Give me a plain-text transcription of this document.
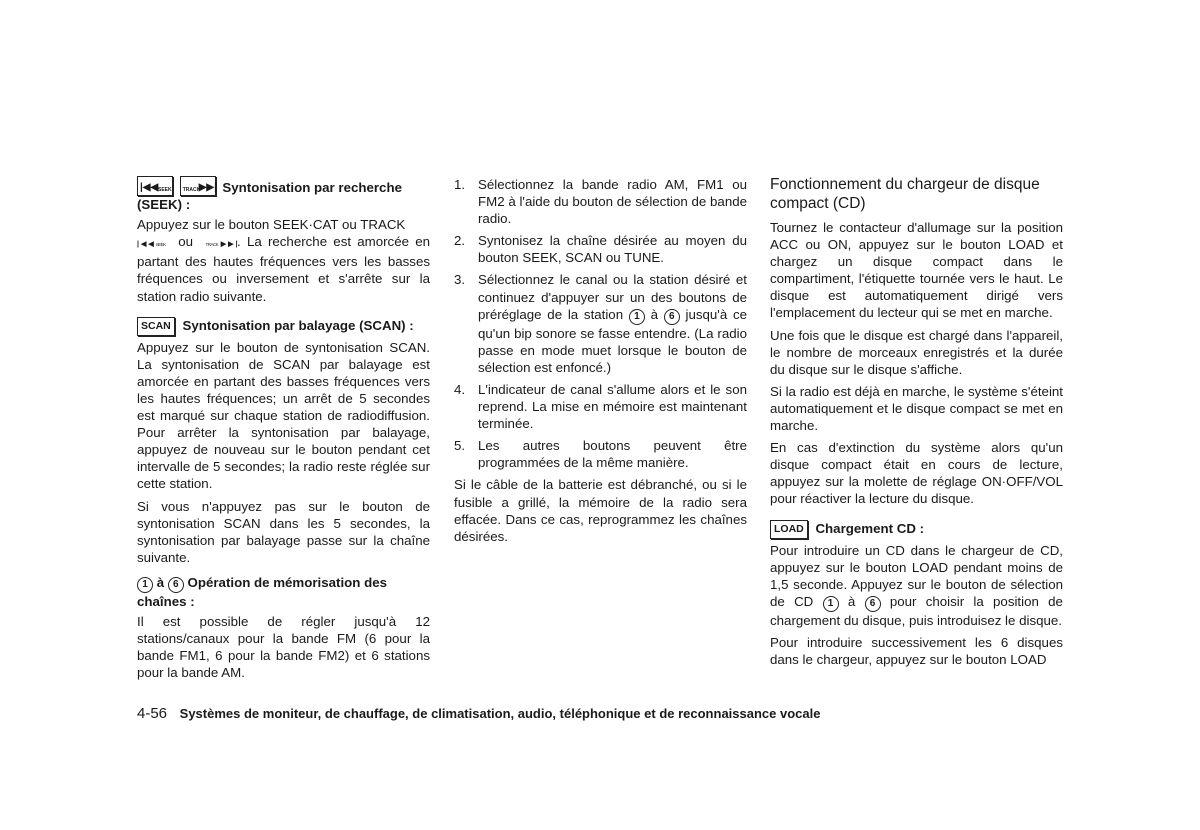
|◀◀ SEEK
TRACK
▶▶| Syntonisation par recherche (SEEK) :

Appuyez sur le bouton SEEK·CAT ou TRACK
|◀◀SEEK ou	TRACK▶▶|. La recherche est amorcée en partant des hautes fréquences vers les basses fréquences ou inversement et s'arrête sur la station radio suivante.

SCAN Syntonisation par balayage (SCAN) :

Appuyez sur le bouton de syntonisation SCAN. La syntonisation de SCAN par balayage est amorcée en partant des basses fréquences vers les hautes fréquences; un arrêt de 5 secondes est marqué sur chaque station de radiodiffusion. Pour arrêter la syntonisation par balayage, appuyez de nouveau sur le bouton pendant cet intervalle de 5 secondes; la radio reste réglée sur cette station.

Si vous n'appuyez pas sur le bouton de syntonisation SCAN dans les 5 secondes, la syntonisation par balayage passe sur la chaîne suivante.

1 à 6 Opération de mémorisation des chaînes :

Il est possible de régler jusqu'à 12 stations/canaux pour la bande FM (6 pour la bande FM1, 6 pour la bande FM2) et 6 stations pour la bande AM.

1. Sélectionnez la bande radio AM, FM1 ou FM2 à l'aide du bouton de sélection de bande radio.
2. Syntonisez la chaîne désirée au moyen du bouton SEEK, SCAN ou TUNE.
3. Sélectionnez le canal ou la station désiré et continuez d'appuyer sur un des boutons de préréglage de la station 1 à 6 jusqu'à ce qu'un bip sonore se fasse entendre. (La radio passe en mode muet lorsque le bouton de sélection est enfoncé.)
4. L'indicateur de canal s'allume alors et le son reprend. La mise en mémoire est maintenant terminée.
5. Les autres boutons peuvent être programmées de la même manière.

Si le câble de la batterie est débranché, ou si le fusible a grillé, la mémoire de la radio sera effacée. Dans ce cas, reprogrammez les chaînes désirées.

Fonctionnement du chargeur de disque compact (CD)

Tournez le contacteur d'allumage sur la position ACC ou ON, appuyez sur le bouton LOAD et chargez un disque compact dans le compartiment, l'étiquette tournée vers le haut. Le disque est automatiquement dirigé vers l'emplacement du lecteur qui se met en marche.

Une fois que le disque est chargé dans l'appareil, le nombre de morceaux enregistrés et la durée du disque sur le disque s'affiche.

Si la radio est déjà en marche, le système s'éteint automatiquement et le disque compact se met en marche.

En cas d'extinction du système alors qu'un disque compact était en cours de lecture, appuyez sur la molette de réglage ON·OFF/VOL pour réactiver la lecture du disque.

LOAD Chargement CD :

Pour introduire un CD dans le chargeur de CD, appuyez sur le bouton LOAD pendant moins de 1,5 seconde. Appuyez sur le bouton de sélection de CD 1 à 6 pour choisir la position de chargement du disque, puis introduisez le disque.

Pour introduire successivement les 6 disques dans le chargeur, appuyez sur le bouton LOAD

4-56 Systèmes de moniteur, de chauffage, de climatisation, audio, téléphonique et de reconnaissance vocale
